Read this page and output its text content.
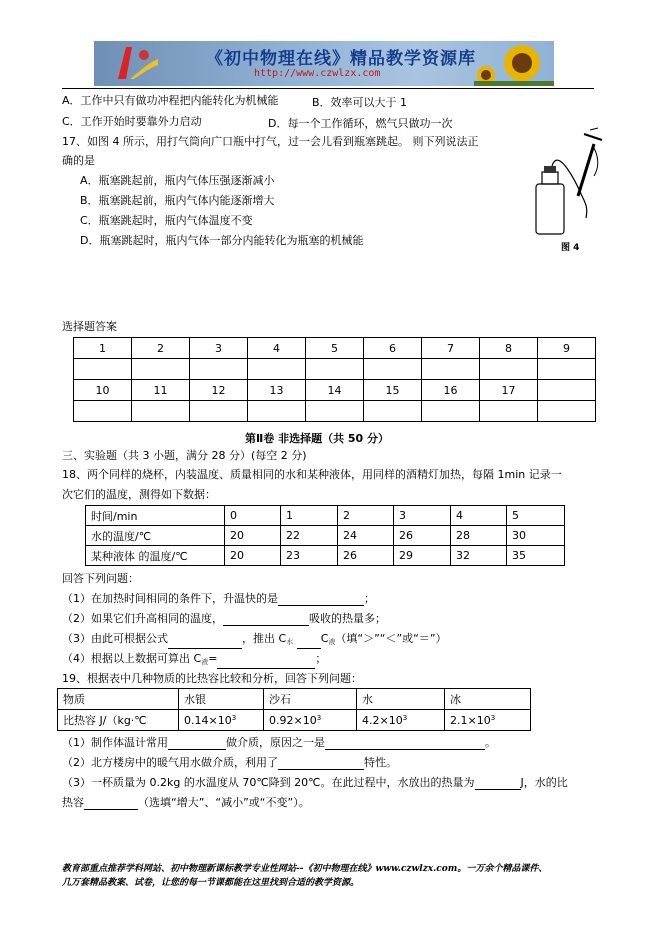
《初中物理在线》精品教学资源库
http://www.czwlzx.com
A．工作中只有做功冲程把内能转化为机械能	B．效率可以大于 1
C．工作开始时要靠外力启动	D．每一个工作循环，燃气只做功一次
17、如图 4 所示，用打气筒向广口瓶中打气，过一会儿看到瓶塞跳起。 则下列说法正
确的是
A．瓶塞跳起前，瓶内气体压强逐渐减小
B．瓶塞跳起前，瓶内气体内能逐渐增大
C．瓶塞跳起时，瓶内气体温度不变
D．瓶塞跳起时，瓶内气体一部分内能转化为瓶塞的机械能
图 4
选择题答案
1	2	3	4	5	6	7	8	9

10	11	12	13	14	15	16	17	

第Ⅱ卷 非选择题（共 50 分）
三、实验题（共 3 小题，满分 28 分）(每空 2 分)
18、两个同样的烧杯，内装温度、质量相同的水和某种液体，用同样的酒精灯加热，每隔 1min 记录一
次它们的温度，测得如下数据：
时间/min	0	1	2	3	4	5
水的温度/℃	20	22	24	26	28	30
某种液体 的温度/℃	20	23	26	29	32	35
回答下列问题：
（1）在加热时间相同的条件下，升温快的是	；
（2）如果它们升高相同的温度，	吸收的热量多；
（3）由此可根据公式	，推出 $C_水$	$C_液$（填“＞”“＜”或“＝”）
（4）根据以上数据可算出 $C_液=$	；
19、根据表中几种物质的比热容比较和分析，回答下列问题：
物质	水银	沙石	水	冰
比热容 J/（kg·℃	$0.14\times 10^3$	$0.92\times 10^3$	$4.2\times 10^3$	$2.1\times 10^3$
（1）制作体温计常用	做介质，原因之一是	。
（2）北方楼房中的暖气用水做介质，利用了	特性。
（3）一杯质量为 0.2kg 的水温度从 70℃降到 20℃。在此过程中，水放出的热量为	J，水的比
热容	（选填“增大”、“减小”或“不变”）。
教育部重点推荐学科网站、初中物理新课标教学专业性网站--《初中物理在线》www.czwlzx.com。一万余个精品课件、
几万套精品教案、试卷，让您的每一节课都能在这里找到合适的教学资源。
